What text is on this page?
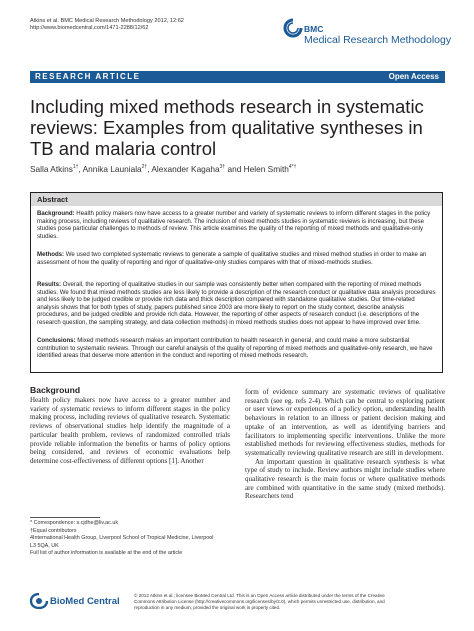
Atkins et al. BMC Medical Research Methodology 2012, 12:62
http://www.biomedcentral.com/1471-2288/12/62	BMC
Medical Research Methodology
RESEARCH ARTICLE	Open Access
Including mixed methods research in systematic
reviews: Examples from qualitative syntheses in
TB and malaria control
Salla Atkins$^{1\dagger}$, Annika Launiala$^{2\dagger}$, Alexander Kagaha$^{3\dagger}$ and Helen Smith$^{4*\dagger}$
Abstract
Background: Health policy makers now have access to a greater number and variety of systematic reviews to inform different stages in the policy making process, including reviews of qualitative research. The inclusion of mixed methods studies in systematic reviews is increasing, but these studies pose particular challenges to methods of review. This article examines the quality of the reporting of mixed methods and qualitative-only studies.
Methods: We used two completed systematic reviews to generate a sample of qualitative studies and mixed method studies in order to make an assessment of how the quality of reporting and rigor of qualitative-only studies compares with that of mixed-methods studies.
Results: Overall, the reporting of qualitative studies in our sample was consistently better when compared with the reporting of mixed methods studies. We found that mixed methods studies are less likely to provide a description of the research conduct or qualitative data analysis procedures and less likely to be judged credible or provide rich data and thick description compared with standalone qualitative studies. Our time-related analysis shows that for both types of study, papers published since 2003 are more likely to report on the study context, describe analysis procedures, and be judged credible and provide rich data. However, the reporting of other aspects of research conduct (i.e. descriptions of the research question, the sampling strategy, and data collection methods) in mixed methods studies does not appear to have improved over time.
Conclusions: Mixed methods research makes an important contribution to health research in general, and could make a more substantial contribution to systematic reviews. Through our careful analysis of the quality of reporting of mixed methods and qualitative-only research, we have identified areas that deserve more attention in the conduct and reporting of mixed methods research.
Background

Health policy makers now have access to a greater number and variety of systematic reviews to inform different stages in the policy making process, including reviews of qualitative research. Systematic reviews of observational studies help identify the magnitude of a particular health problem, reviews of randomized controlled trials provide reliable information the benefits or harms of policy options being considered, and reviews of economic evaluations help determine cost-effectiveness of different options [1]. Another

form of evidence summary are systematic reviews of qualitative research (see eg. refs 2-4). Which can be central to exploring patient or user views or experiences of a policy option, understanding health behaviours in relation to an illness or patient decision making and uptake of an intervention, as well as identifying barriers and facilitators to implementing specific interventions. Unlike the more established methods for reviewing effectiveness studies, methods for systematically reviewing qualitative research are still in development.

An important question in qualitative research synthesis is what type of study to include. Review authors might include studies where qualitative research is the main focus or where qualitative methods are combined with quantitative in the same study (mixed methods). Researchers tend

* Correspondence: s.cjdhe@liv.ac.uk
†Equal contributors
4International Health Group, Liverpool School of Tropical Medicine, Liverpool
L3 5QA, UK
Full list of author information is available at the end of the article
BioMed Central
© 2012 Atkins et al.; licensee BioMed Central Ltd. This is an Open Access article distributed under the terms of the Creative
Commons Attribution License (http://creativecommons.org/licenses/by/2.0), which permits unrestricted use, distribution, and
reproduction in any medium, provided the original work is properly cited.
